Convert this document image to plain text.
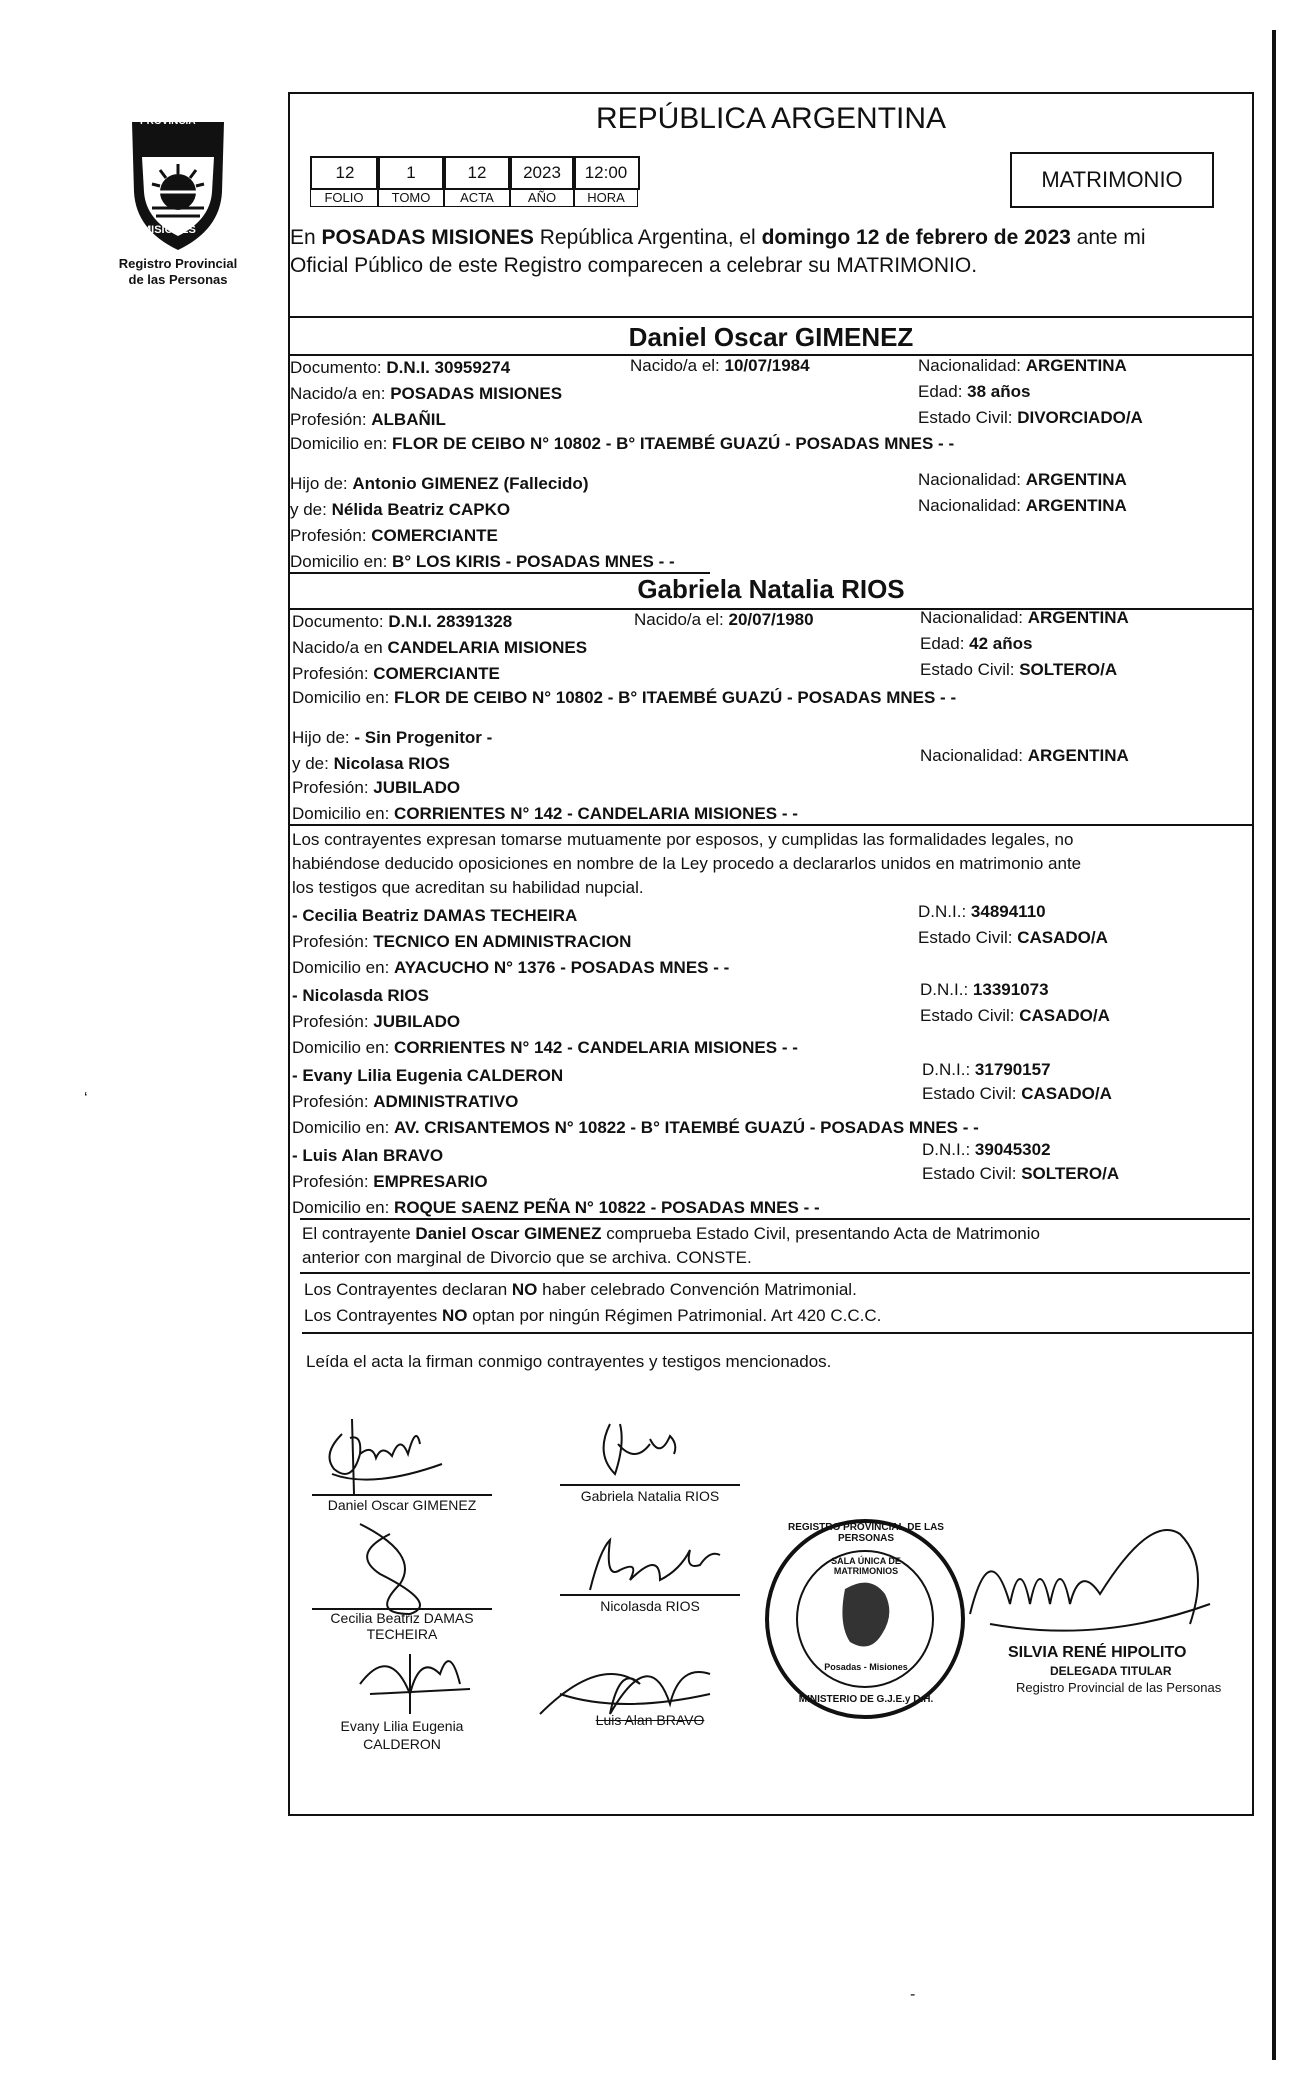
PROVINCIA
MISIONES
Registro Provincial
de las Personas
REPÚBLICA ARGENTINA
12	1	12	2023	12:00
FOLIO	TOMO	ACTA	AÑO	HORA
MATRIMONIO
En POSADAS MISIONES República Argentina, el domingo 12 de febrero de 2023 ante mi
Oficial Público de este Registro comparecen a celebrar su MATRIMONIO.
Daniel Oscar GIMENEZ
Documento: D.N.I. 30959274	Nacido/a el: 10/07/1984	Nacionalidad: ARGENTINA
Nacido/a en: POSADAS MISIONES	Edad: 38 años
Profesión: ALBAÑIL	Estado Civil: DIVORCIADO/A
Domicilio en: FLOR DE CEIBO N° 10802 - B° ITAEMBÉ GUAZÚ - POSADAS MNES - -
Hijo de: Antonio GIMENEZ (Fallecido)	Nacionalidad: ARGENTINA
y de: Nélida Beatriz CAPKO	Nacionalidad: ARGENTINA
Profesión: COMERCIANTE
Domicilio en: B° LOS KIRIS - POSADAS MNES - -
Gabriela Natalia RIOS
Documento: D.N.I. 28391328	Nacido/a el: 20/07/1980	Nacionalidad: ARGENTINA
Nacido/a en CANDELARIA MISIONES	Edad: 42 años
Profesión: COMERCIANTE	Estado Civil: SOLTERO/A
Domicilio en: FLOR DE CEIBO N° 10802 - B° ITAEMBÉ GUAZÚ - POSADAS MNES - -
Hijo de: - Sin Progenitor -
y de: Nicolasa RIOS	Nacionalidad: ARGENTINA
Profesión: JUBILADO
Domicilio en: CORRIENTES N° 142 - CANDELARIA MISIONES - -
Los contrayentes expresan tomarse mutuamente por esposos, y cumplidas las formalidades legales, no
habiéndose deducido oposiciones en nombre de la Ley procedo a declararlos unidos en matrimonio ante
los testigos que acreditan su habilidad nupcial.
- Cecilia Beatriz DAMAS TECHEIRA	D.N.I.: 34894110
Profesión: TECNICO EN ADMINISTRACION	Estado Civil: CASADO/A
Domicilio en: AYACUCHO N° 1376 - POSADAS MNES - -
- Nicolasda RIOS	D.N.I.: 13391073
Profesión: JUBILADO	Estado Civil: CASADO/A
Domicilio en: CORRIENTES N° 142 - CANDELARIA MISIONES - -
- Evany Lilia Eugenia CALDERON	D.N.I.: 31790157
Profesión: ADMINISTRATIVO	Estado Civil: CASADO/A
Domicilio en: AV. CRISANTEMOS N° 10822 - B° ITAEMBÉ GUAZÚ - POSADAS MNES - -
- Luis Alan BRAVO	D.N.I.: 39045302
Profesión: EMPRESARIO	Estado Civil: SOLTERO/A
Domicilio en: ROQUE SAENZ PEÑA N° 10822 - POSADAS MNES - -
El contrayente Daniel Oscar GIMENEZ comprueba Estado Civil, presentando Acta de Matrimonio
anterior con marginal de Divorcio que se archiva. CONSTE.
Los Contrayentes declaran NO haber celebrado Convención Matrimonial.
Los Contrayentes NO optan por ningún Régimen Patrimonial. Art 420 C.C.C.
Leída el acta la firman conmigo contrayentes y testigos mencionados.
Daniel Oscar GIMENEZ
Gabriela Natalia RIOS
Cecilia Beatriz DAMAS
TECHEIRA
Nicolasda RIOS
Evany Lilia Eugenia
CALDERON
Luis Alan BRAVO
REGISTRO PROVINCIAL DE LAS PERSONAS
SALA ÚNICA DE MATRIMONIOS
Posadas - Misiones
MINISTERIO DE G.J.E.y D.H.
SILVIA RENÉ HIPOLITO
DELEGADA TITULAR
Registro Provincial de las Personas
‘
-
